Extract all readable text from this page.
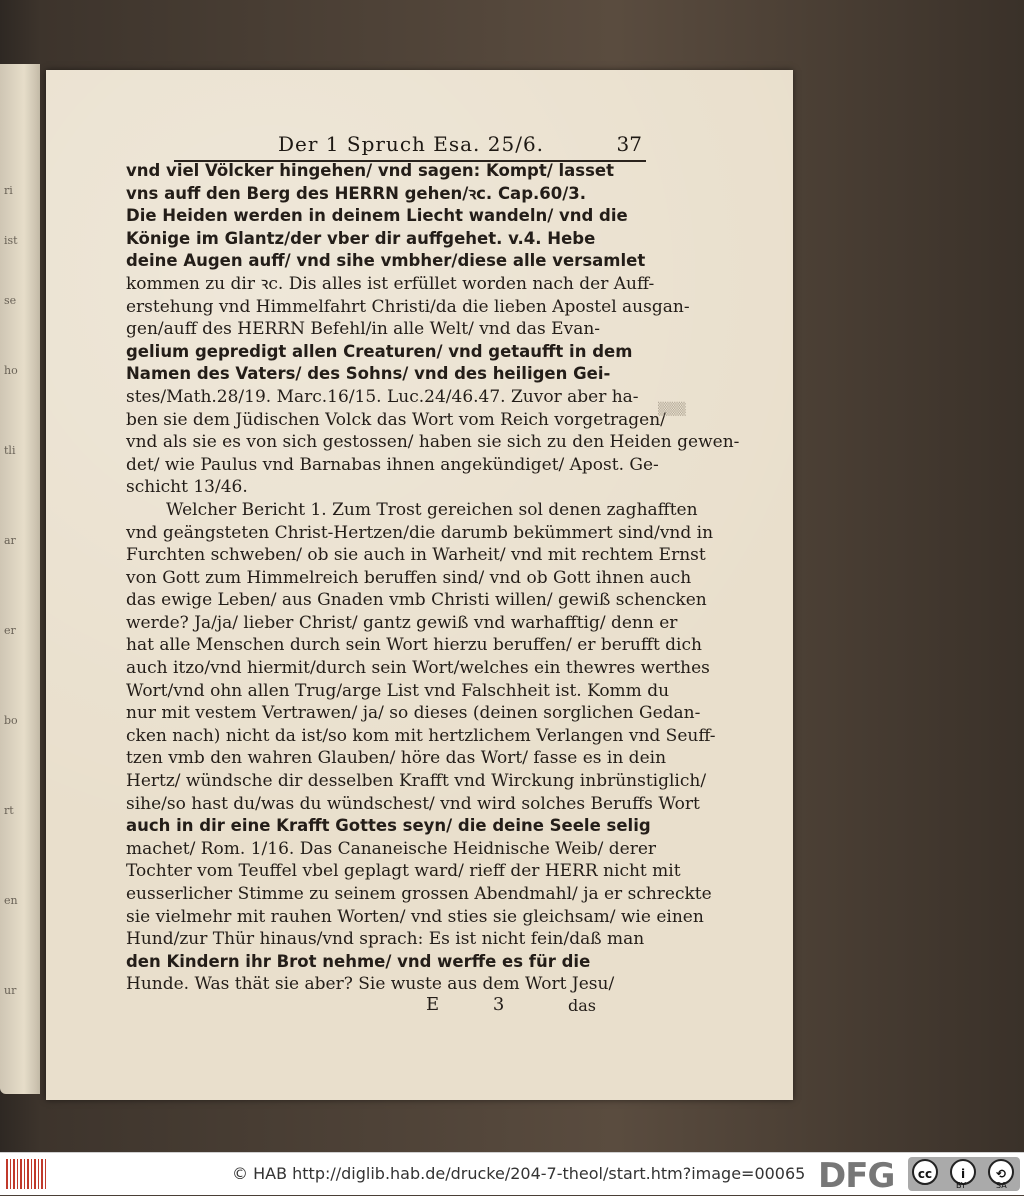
ri
ist
se
ho
tli
ar
er
bo
rt
en
ur
Der 1 Spruch Esa. 25/6.	37
vnd viel Völcker hingehen/ vnd sagen: Kompt/ lasset
vns auff den Berg des HERRN gehen/ꝛc. Cap.60/3.
Die Heiden werden in deinem Liecht wandeln/ vnd die
Könige im Glantz/der vber dir auffgehet. v.4. Hebe
deine Augen auff/ vnd sihe vmbher/diese alle versamlet
kommen zu dir ꝛc. Dis alles ist erfüllet worden nach der Auff-
erstehung vnd Himmelfahrt Christi/da die lieben Apostel ausgan-
gen/auff des HERRN Befehl/in alle Welt/ vnd das Evan-
gelium gepredigt allen Creaturen/ vnd getaufft in dem
Namen des Vaters/ des Sohns/ vnd des heiligen Gei-
stes/Math.28/19. Marc.16/15. Luc.24/46.47. Zuvor aber ha-
ben sie dem Jüdischen Volck das Wort vom Reich vorgetragen/
vnd als sie es von sich gestossen/ haben sie sich zu den Heiden gewen-
det/ wie Paulus vnd Barnabas ihnen angekündiget/ Apost. Ge-
schicht 13/46.
Welcher Bericht 1. Zum Trost gereichen sol denen zaghafften
vnd geängsteten Christ-Hertzen/die darumb bekümmert sind/vnd in
Furchten schweben/ ob sie auch in Warheit/ vnd mit rechtem Ernst
von Gott zum Himmelreich beruffen sind/ vnd ob Gott ihnen auch
das ewige Leben/ aus Gnaden vmb Christi willen/ gewiß schencken
werde? Ja/ja/ lieber Christ/ gantz gewiß vnd warhafftig/ denn er
hat alle Menschen durch sein Wort hierzu beruffen/ er berufft dich
auch itzo/vnd hiermit/durch sein Wort/welches ein thewres werthes
Wort/vnd ohn allen Trug/arge List vnd Falschheit ist. Komm du
nur mit vestem Vertrawen/ ja/ so dieses (deinen sorglichen Gedan-
cken nach) nicht da ist/so kom mit hertzlichem Verlangen vnd Seuff-
tzen vmb den wahren Glauben/ höre das Wort/ fasse es in dein
Hertz/ wündsche dir desselben Krafft vnd Wirckung inbrünstiglich/
sihe/so hast du/was du wündschest/ vnd wird solches Beruffs Wort
auch in dir eine Krafft Gottes seyn/ die deine Seele selig
machet/ Rom. 1/16. Das Cananeische Heidnische Weib/ derer
Tochter vom Teuffel vbel geplagt ward/ rieff der HERR nicht mit
eusserlicher Stimme zu seinem grossen Abendmahl/ ja er schreckte
sie vielmehr mit rauhen Worten/ vnd sties sie gleichsam/ wie einen
Hund/zur Thür hinaus/vnd sprach: Es ist nicht fein/daß man
den Kindern ihr Brot nehme/ vnd werffe es für die
Hunde. Was thät sie aber? Sie wuste aus dem Wort Jesu/
▒▒▒
E 3	das
© HAB http://diglib.hab.de/drucke/204-7-theol/start.htm?image=00065 DFG	cc	i	⟲
BY	SA
